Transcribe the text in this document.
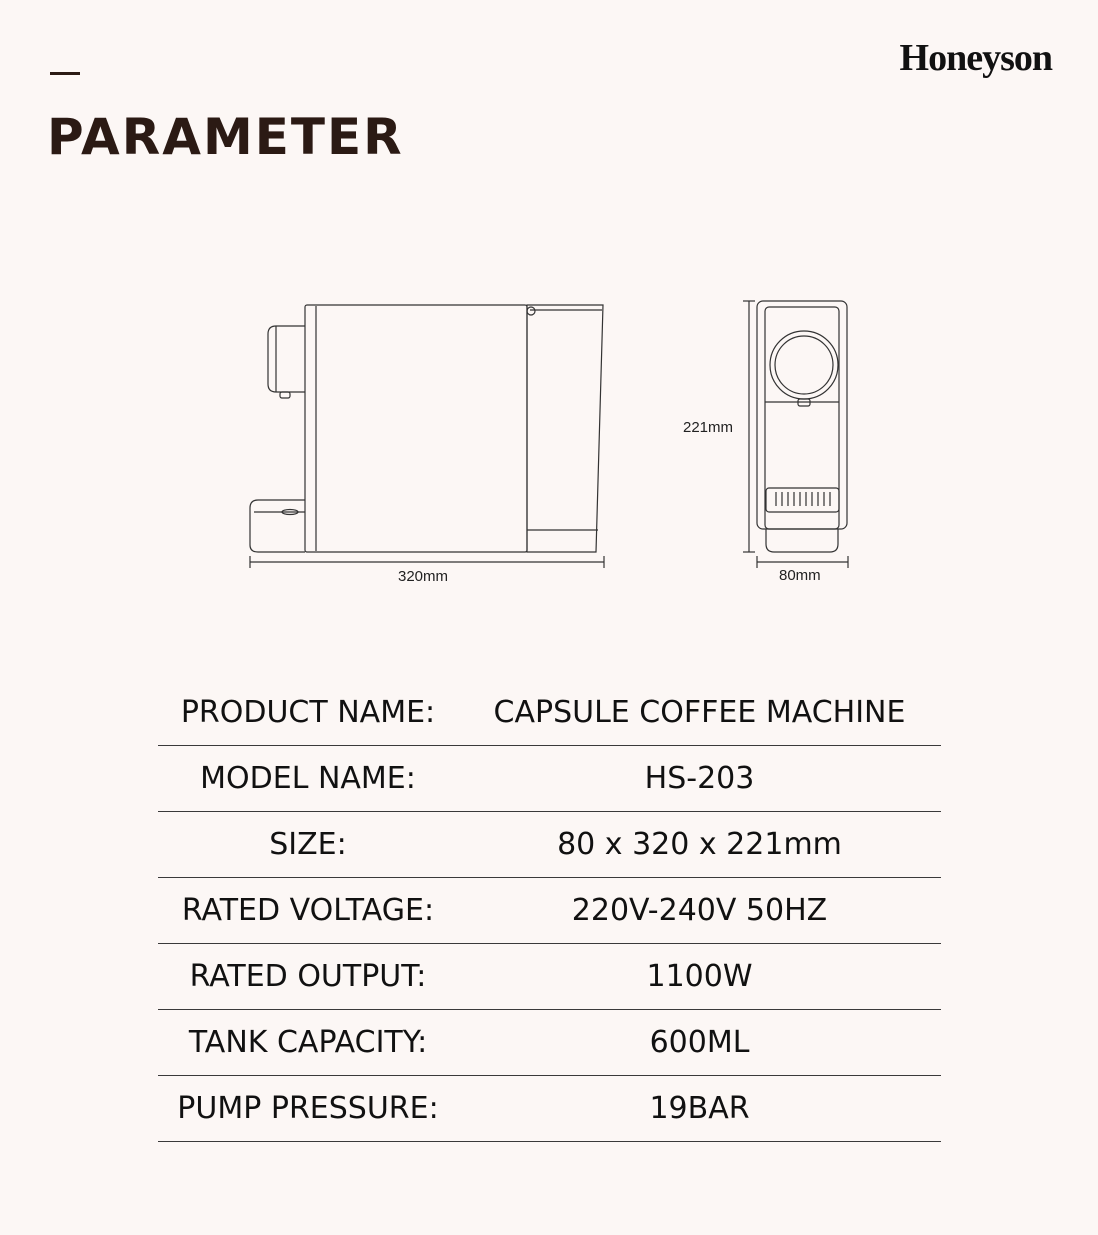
PARAMETER
Honeyson
320mm
221mm
80mm
PRODUCT NAME:	CAPSULE COFFEE MACHINE
MODEL NAME:	HS-203
SIZE:	80 x 320 x 221mm
RATED VOLTAGE:	220V-240V 50HZ
RATED OUTPUT:	1100W
TANK CAPACITY:	600ML
PUMP PRESSURE:	19BAR
